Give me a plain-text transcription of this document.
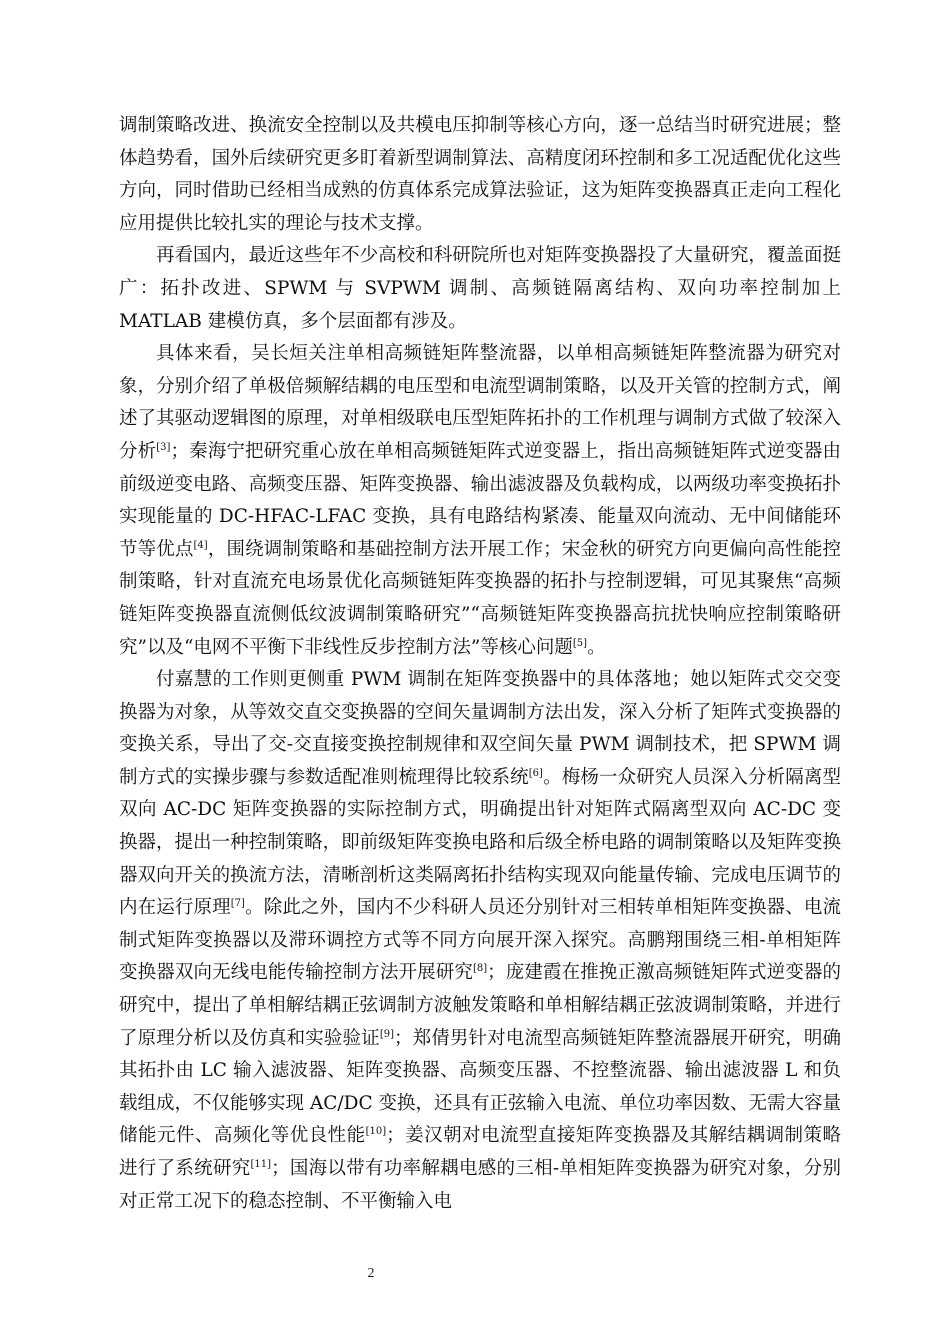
调制策略改进、换流安全控制以及共模电压抑制等核心方向，逐一总结当时研究进展；整体趋势看，国外后续研究更多盯着新型调制算法、高精度闭环控制和多工况适配优化这些方向，同时借助已经相当成熟的仿真体系完成算法验证，这为矩阵变换器真正走向工程化应用提供比较扎实的理论与技术支撑。

再看国内，最近这些年不少高校和科研院所也对矩阵变换器投了大量研究，覆盖面挺广：拓扑改进、SPWM 与 SVPWM 调制、高频链隔离结构、双向功率控制加上 MATLAB 建模仿真，多个层面都有涉及。

具体来看，吴长烜关注单相高频链矩阵整流器，以单相高频链矩阵整流器为研究对象，分别介绍了单极倍频解结耦的电压型和电流型调制策略，以及开关管的控制方式，阐述了其驱动逻辑图的原理，对单相级联电压型矩阵拓扑的工作机理与调制方式做了较深入分析[3]；秦海宁把研究重心放在单相高频链矩阵式逆变器上，指出高频链矩阵式逆变器由前级逆变电路、高频变压器、矩阵变换器、输出滤波器及负载构成，以两级功率变换拓扑实现能量的 DC-HFAC-LFAC 变换，具有电路结构紧凑、能量双向流动、无中间储能环节等优点[4]，围绕调制策略和基础控制方法开展工作；宋金秋的研究方向更偏向高性能控制策略，针对直流充电场景优化高频链矩阵变换器的拓扑与控制逻辑，可见其聚焦“高频链矩阵变换器直流侧低纹波调制策略研究”“高频链矩阵变换器高抗扰快响应控制策略研究”以及“电网不平衡下非线性反步控制方法”等核心问题[5]。

付嘉慧的工作则更侧重 PWM 调制在矩阵变换器中的具体落地；她以矩阵式交交变换器为对象，从等效交直交变换器的空间矢量调制方法出发，深入分析了矩阵式变换器的变换关系，导出了交-交直接变换控制规律和双空间矢量 PWM 调制技术，把 SPWM 调制方式的实操步骤与参数适配准则梳理得比较系统[6]。梅杨一众研究人员深入分析隔离型双向 AC-DC 矩阵变换器的实际控制方式，明确提出针对矩阵式隔离型双向 AC-DC 变换器，提出一种控制策略，即前级矩阵变换电路和后级全桥电路的调制策略以及矩阵变换器双向开关的换流方法，清晰剖析这类隔离拓扑结构实现双向能量传输、完成电压调节的内在运行原理[7]。除此之外，国内不少科研人员还分别针对三相转单相矩阵变换器、电流制式矩阵变换器以及滞环调控方式等不同方向展开深入探究。高鹏翔围绕三相-单相矩阵变换器双向无线电能传输控制方法开展研究[8]；庞建霞在推挽正激高频链矩阵式逆变器的研究中，提出了单相解结耦正弦调制方波触发策略和单相解结耦正弦波调制策略，并进行了原理分析以及仿真和实验验证[9]；郑倩男针对电流型高频链矩阵整流器展开研究，明确其拓扑由 LC 输入滤波器、矩阵变换器、高频变压器、不控整流器、输出滤波器 L 和负载组成，不仅能够实现 AC/DC 变换，还具有正弦输入电流、单位功率因数、无需大容量储能元件、高频化等优良性能[10]；姜汉朝对电流型直接矩阵变换器及其解结耦调制策略进行了系统研究[11]；国海以带有功率解耦电感的三相-单相矩阵变换器为研究对象，分别对正常工况下的稳态控制、不平衡输入电

2
